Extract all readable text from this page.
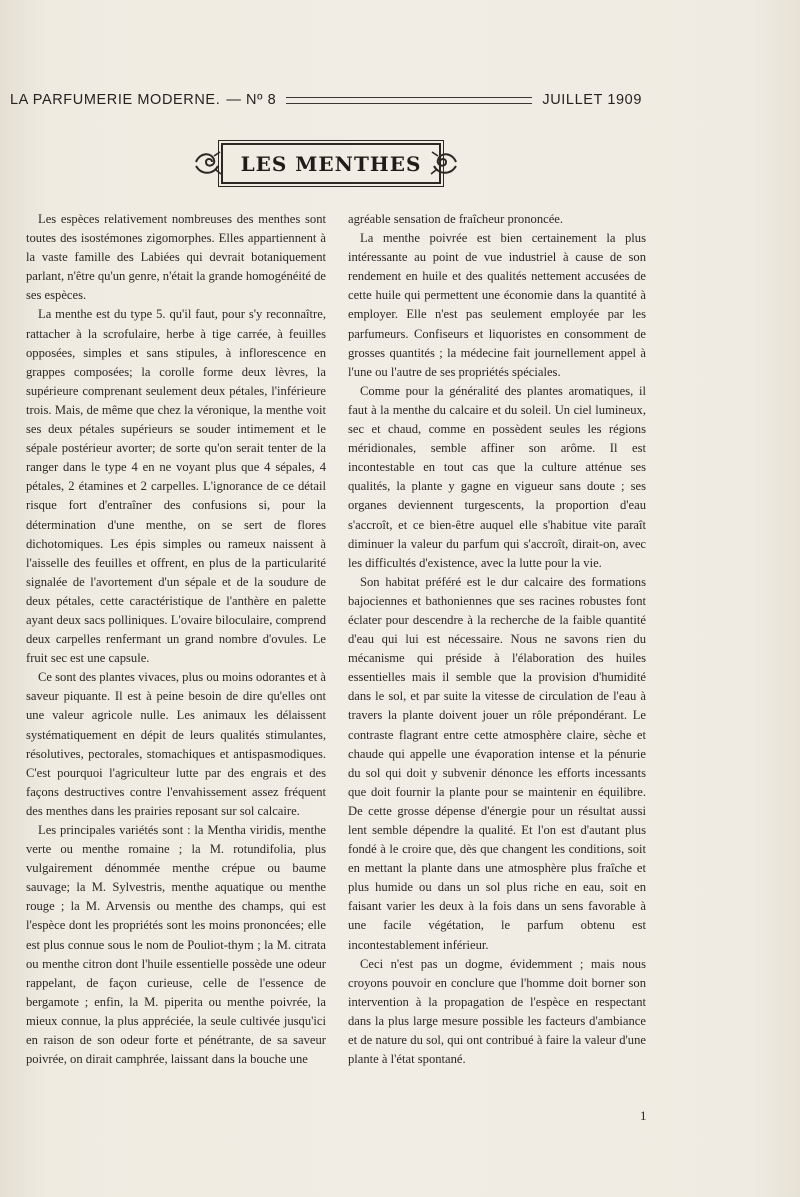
LA PARFUMERIE MODERNE. — Nº 8	JUILLET 1909
LES MENTHES

Les espèces relativement nombreuses des menthes sont toutes des isostémones zigomorphes. Elles appartiennent à la vaste famille des Labiées qui devrait botaniquement parlant, n'être qu'un genre, n'était la grande homogénéité de ses espèces.

La menthe est du type 5. qu'il faut, pour s'y reconnaître, rattacher à la scrofulaire, herbe à tige carrée, à feuilles opposées, simples et sans stipules, à inflorescence en grappes composées; la corolle forme deux lèvres, la supérieure comprenant seulement deux pétales, l'inférieure trois. Mais, de même que chez la véronique, la menthe voit ses deux pétales supérieurs se souder intimement et le sépale postérieur avorter; de sorte qu'on serait tenter de la ranger dans le type 4 en ne voyant plus que 4 sépales, 4 pétales, 2 étamines et 2 carpelles. L'ignorance de ce détail risque fort d'entraîner des confusions si, pour la détermination d'une menthe, on se sert de flores dichotomiques. Les épis simples ou rameux naissent à l'aisselle des feuilles et offrent, en plus de la particularité signalée de l'avortement d'un sépale et de la soudure de deux pétales, cette caractéristique de l'anthère en palette ayant deux sacs polliniques. L'ovaire biloculaire, comprend deux carpelles renfermant un grand nombre d'ovules. Le fruit sec est une capsule.

Ce sont des plantes vivaces, plus ou moins odorantes et à saveur piquante. Il est à peine besoin de dire qu'elles ont une valeur agricole nulle. Les animaux les délaissent systématiquement en dépit de leurs qualités stimulantes, résolutives, pectorales, stomachiques et antispasmodiques. C'est pourquoi l'agriculteur lutte par des engrais et des façons destructives contre l'envahissement assez fréquent des menthes dans les prairies reposant sur sol calcaire.

Les principales variétés sont : la Mentha viridis, menthe verte ou menthe romaine ; la M. rotundifolia, plus vulgairement dénommée menthe crépue ou baume sauvage; la M. Sylvestris, menthe aquatique ou menthe rouge ; la M. Arvensis ou menthe des champs, qui est l'espèce dont les propriétés sont les moins prononcées; elle est plus connue sous le nom de Pouliot-thym ; la M. citrata ou menthe citron dont l'huile essentielle possède une odeur rappelant, de façon curieuse, celle de l'essence de bergamote ; enfin, la M. piperita ou menthe poivrée, la mieux connue, la plus appréciée, la seule cultivée jusqu'ici en raison de son odeur forte et pénétrante, de sa saveur poivrée, on dirait camphrée, laissant dans la bouche une

agréable sensation de fraîcheur prononcée.

La menthe poivrée est bien certainement la plus intéressante au point de vue industriel à cause de son rendement en huile et des qualités nettement accusées de cette huile qui permettent une économie dans la quantité à employer. Elle n'est pas seulement employée par les parfumeurs. Confiseurs et liquoristes en consomment de grosses quantités ; la médecine fait journellement appel à l'une ou l'autre de ses propriétés spéciales.

Comme pour la généralité des plantes aromatiques, il faut à la menthe du calcaire et du soleil. Un ciel lumineux, sec et chaud, comme en possèdent seules les régions méridionales, semble affiner son arôme. Il est incontestable en tout cas que la culture atténue ses qualités, la plante y gagne en vigueur sans doute ; ses organes deviennent turgescents, la proportion d'eau s'accroît, et ce bien-être auquel elle s'habitue vite paraît diminuer la valeur du parfum qui s'accroît, dirait-on, avec les difficultés d'existence, avec la lutte pour la vie.

Son habitat préféré est le dur calcaire des formations bajociennes et bathoniennes que ses racines robustes font éclater pour descendre à la recherche de la faible quantité d'eau qui lui est nécessaire. Nous ne savons rien du mécanisme qui préside à l'élaboration des huiles essentielles mais il semble que la provision d'humidité dans le sol, et par suite la vitesse de circulation de l'eau à travers la plante doivent jouer un rôle prépondérant. Le contraste flagrant entre cette atmosphère claire, sèche et chaude qui appelle une évaporation intense et la pénurie du sol qui doit y subvenir dénonce les efforts incessants que doit fournir la plante pour se maintenir en équilibre. De cette grosse dépense d'énergie pour un résultat aussi lent semble dépendre la qualité. Et l'on est d'autant plus fondé à le croire que, dès que changent les conditions, soit en mettant la plante dans une atmosphère plus fraîche et plus humide ou dans un sol plus riche en eau, soit en faisant varier les deux à la fois dans un sens favorable à une facile végétation, le parfum obtenu est incontestablement inférieur.

Ceci n'est pas un dogme, évidemment ; mais nous croyons pouvoir en conclure que l'homme doit borner son intervention à la propagation de l'espèce en respectant dans la plus large mesure possible les facteurs d'ambiance et de nature du sol, qui ont contribué à faire la valeur d'une plante à l'état spontané.

1
